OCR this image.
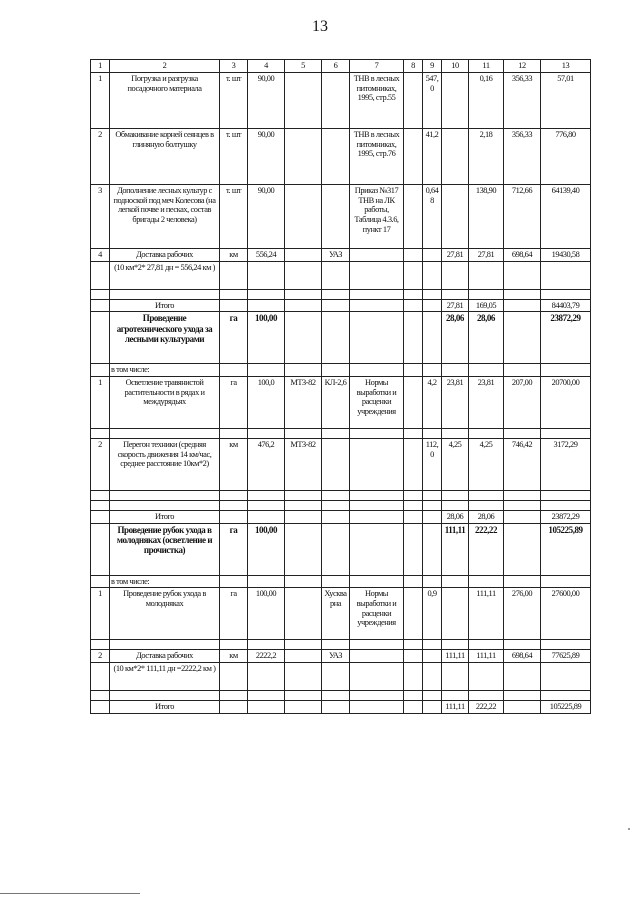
13
1	2	3	4	5	6	7	8	9	10	11	12	13
1	Погрузка и разгрузка посадочного материала	т. шт	90,00			ТНВ в лесных питомниках, 1995, стр.55		547,0		0,16	356,33	57,01
2	Обмакивание корней сеянцев в глиняную болтушку	т. шт	90,00			ТНВ в лесных питомниках, 1995, стр.76		41,2		2,18	356,33	776,80
3	Дополнение лесных культур с подноской под меч Колесова (на легкой почве и песках, состав бригады 2 человека)	т. шт	90,00			Приказ №317 ТНВ на ЛК работы, Таблица 4.3.6, пункт 17		0,648		138,90	712,66	64139,40
4	Доставка рабочих	км	556,24		УАЗ				27,81	27,81	698,64	19430,58
	(10 км*2* 27,81 дн = 556,24 км )											

	Итого								27,81	169,05		84403,79
	Проведение агротехнического ухода за лесными культурами	га	100,00						28,06	28,06		23872,29
	в том числе:											
1	Осветление травянистой растительности в рядах и междурядьях	га	100,0	МТЗ-82	КЛ-2,6	Нормы выработки и расценки учреждения		4,2	23,81	23,81	207,00	20700,00

2	Перегон техники (средняя скорость движения 14 км/час, среднее расстояние 10км*2)	км	476,2	МТЗ-82				112,0	4,25	4,25	746,42	3172,29

	Итого								28,06	28,06		23872,29
	Проведение рубок ухода в молодняках (осветление и прочистка)	га	100,00						111,11	222,22		105225,89
	в том числе:											
1	Проведение рубок ухода в молодняках	га	100,00		Хускварна	Нормы выработки и расценки учреждения		0,9		111,11	276,00	27600,00

2	Доставка рабочих	км	2222,2		УАЗ				111,11	111,11	698,64	77625,89
	(10 км*2* 111,11 дн =2222,2 км )											

	Итого								111,11	222,22		105225,89
